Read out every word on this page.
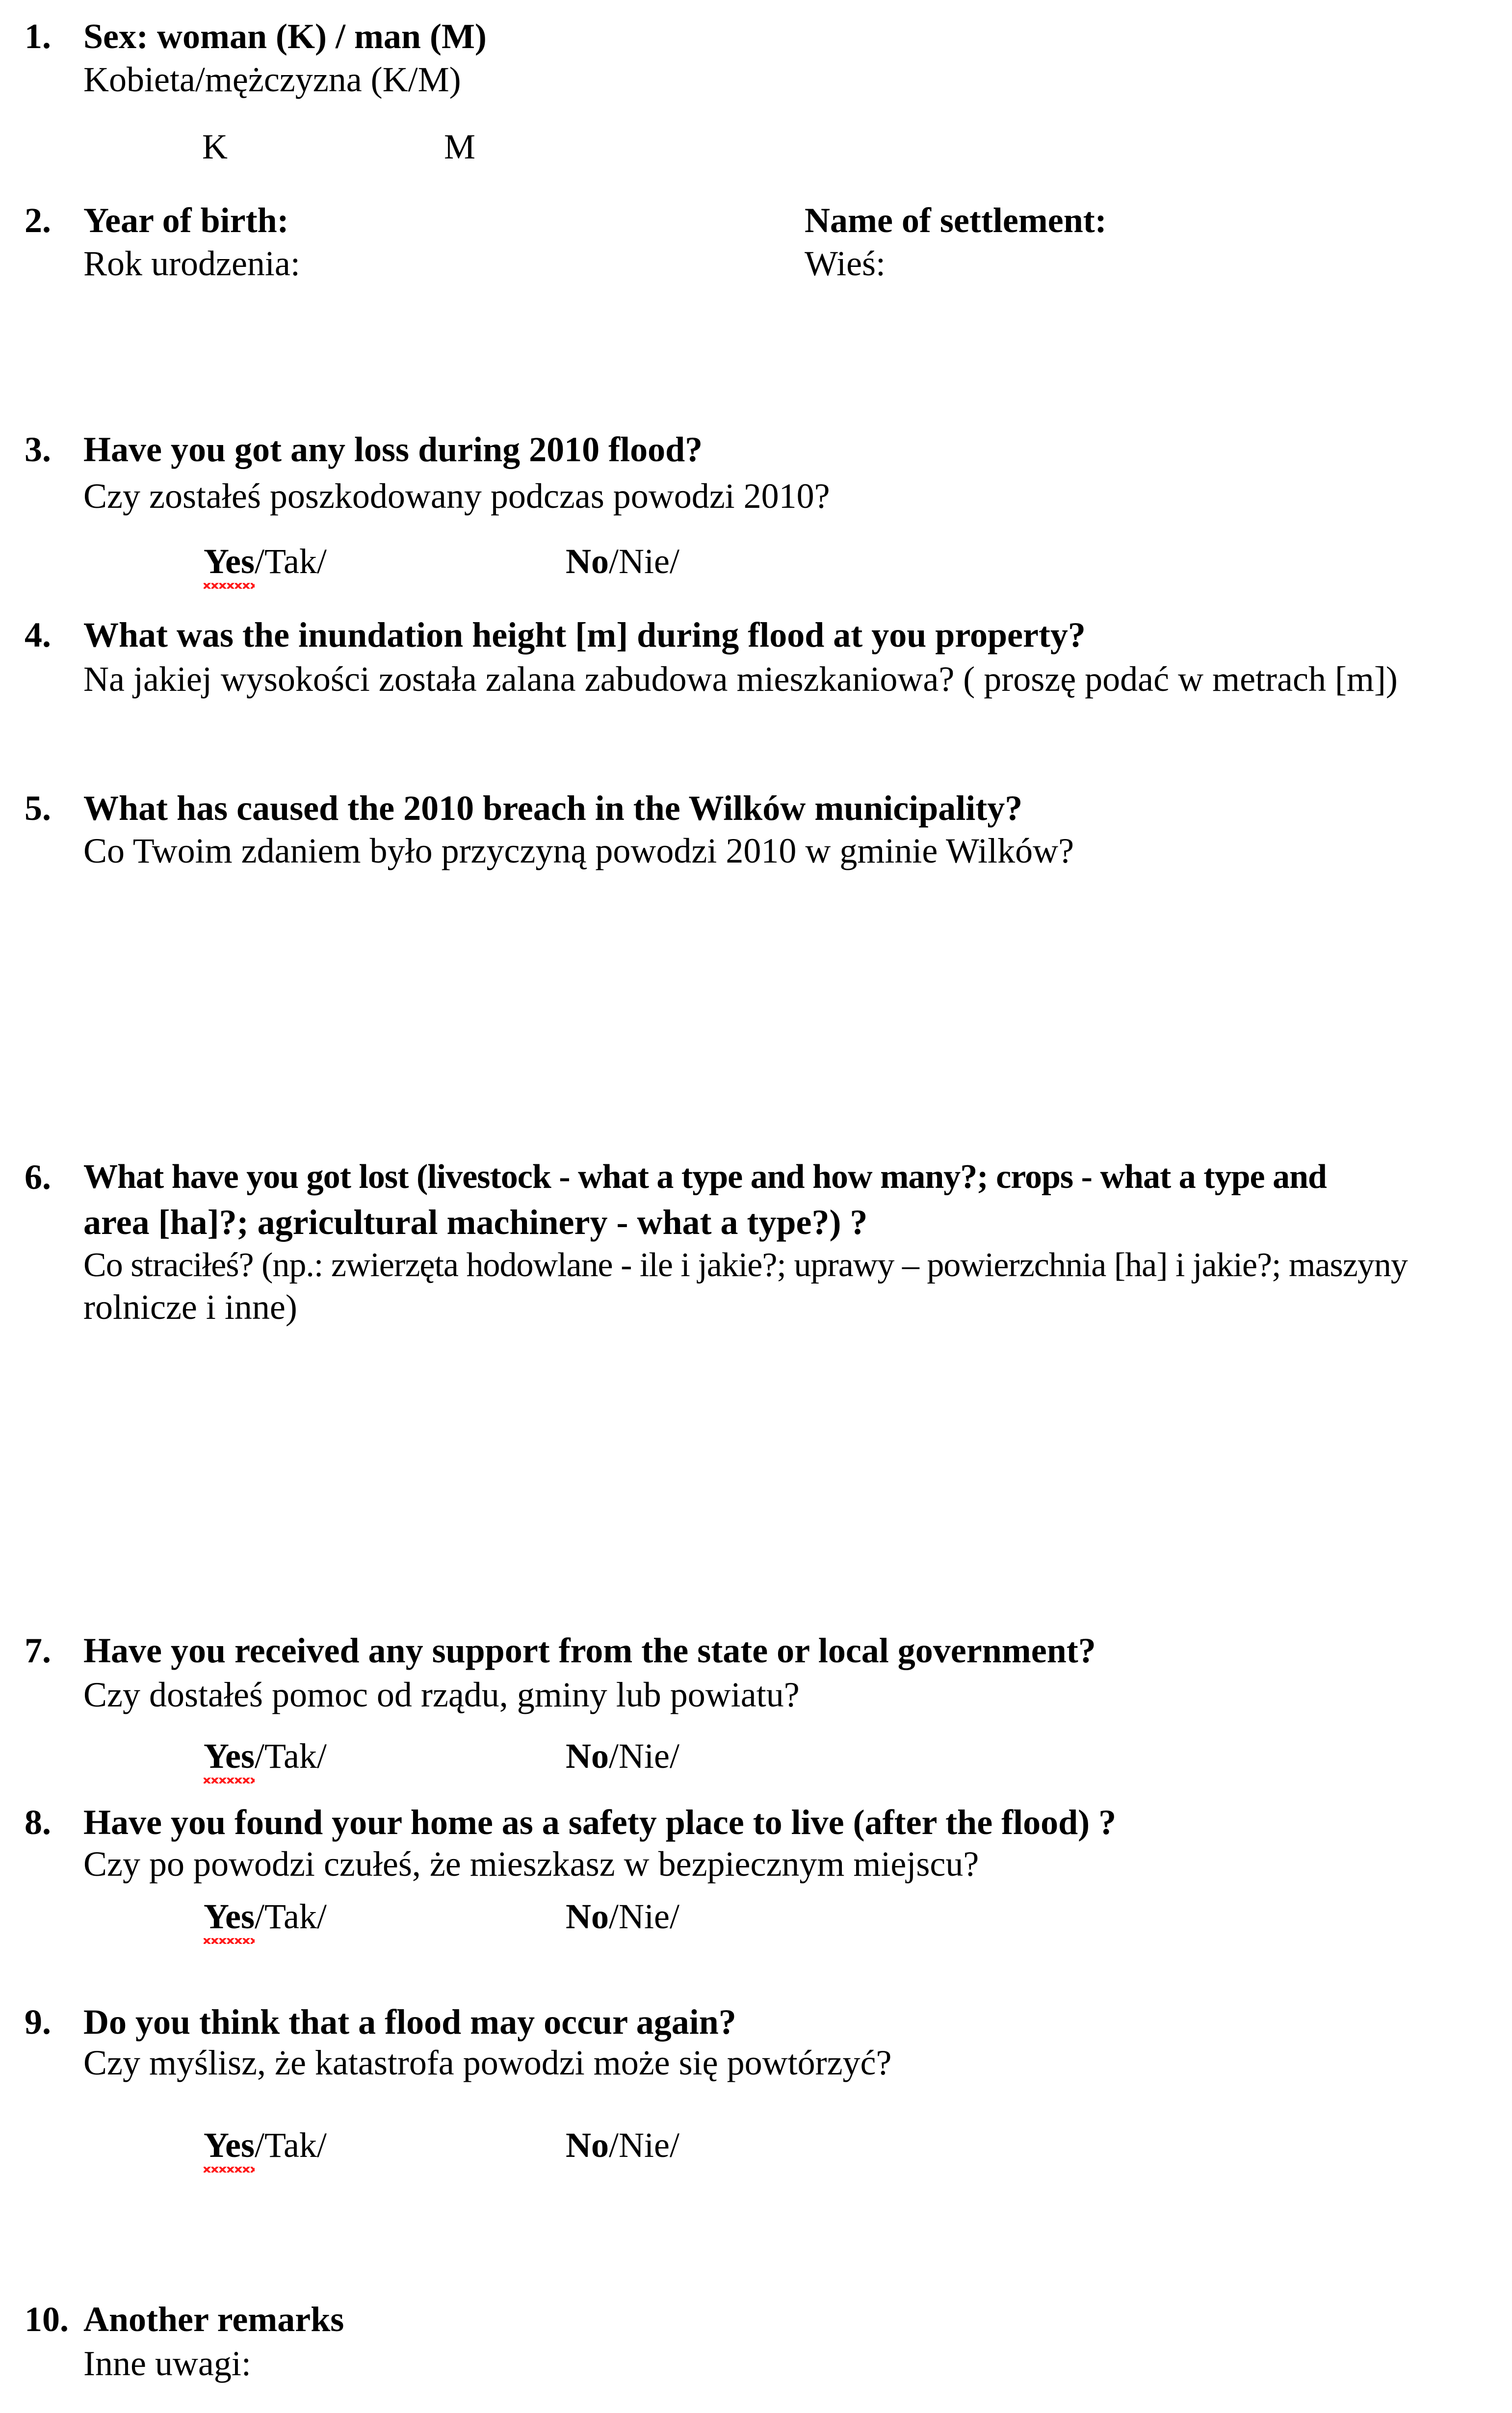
1. Sex: woman (K) / man (M)
Kobieta/mężczyzna (K/M)
K	M
2. Year of birth:
Rok urodzenia:
Name of settlement:
Wieś:
3. Have you got any loss during 2010 flood?
Czy zostałeś poszkodowany podczas powodzi 2010?
Yes/Tak/	No/Nie/
4. What was the inundation height [m] during flood at you property?
Na jakiej wysokości została zalana zabudowa mieszkaniowa? ( proszę podać w metrach [m])
5. What has caused the 2010 breach in the Wilków municipality?
Co Twoim zdaniem było przyczyną powodzi 2010 w gminie Wilków?
6. What have you got lost (livestock - what a type and how many?; crops - what a type and
area [ha]?; agricultural machinery - what a type?) ?
Co straciłeś? (np.: zwierzęta hodowlane - ile i jakie?; uprawy – powierzchnia [ha] i jakie?; maszyny
rolnicze i inne)
7. Have you received any support from the state or local government?
Czy dostałeś pomoc od rządu, gminy lub powiatu?
Yes/Tak/	No/Nie/
8. Have you found your home as a safety place to live (after the flood) ?
Czy po powodzi czułeś, że mieszkasz w bezpiecznym miejscu?
Yes/Tak/	No/Nie/
9. Do you think that a flood may occur again?
Czy myślisz, że katastrofa powodzi może się powtórzyć?
Yes/Tak/	No/Nie/
10. Another remarks
Inne uwagi:
